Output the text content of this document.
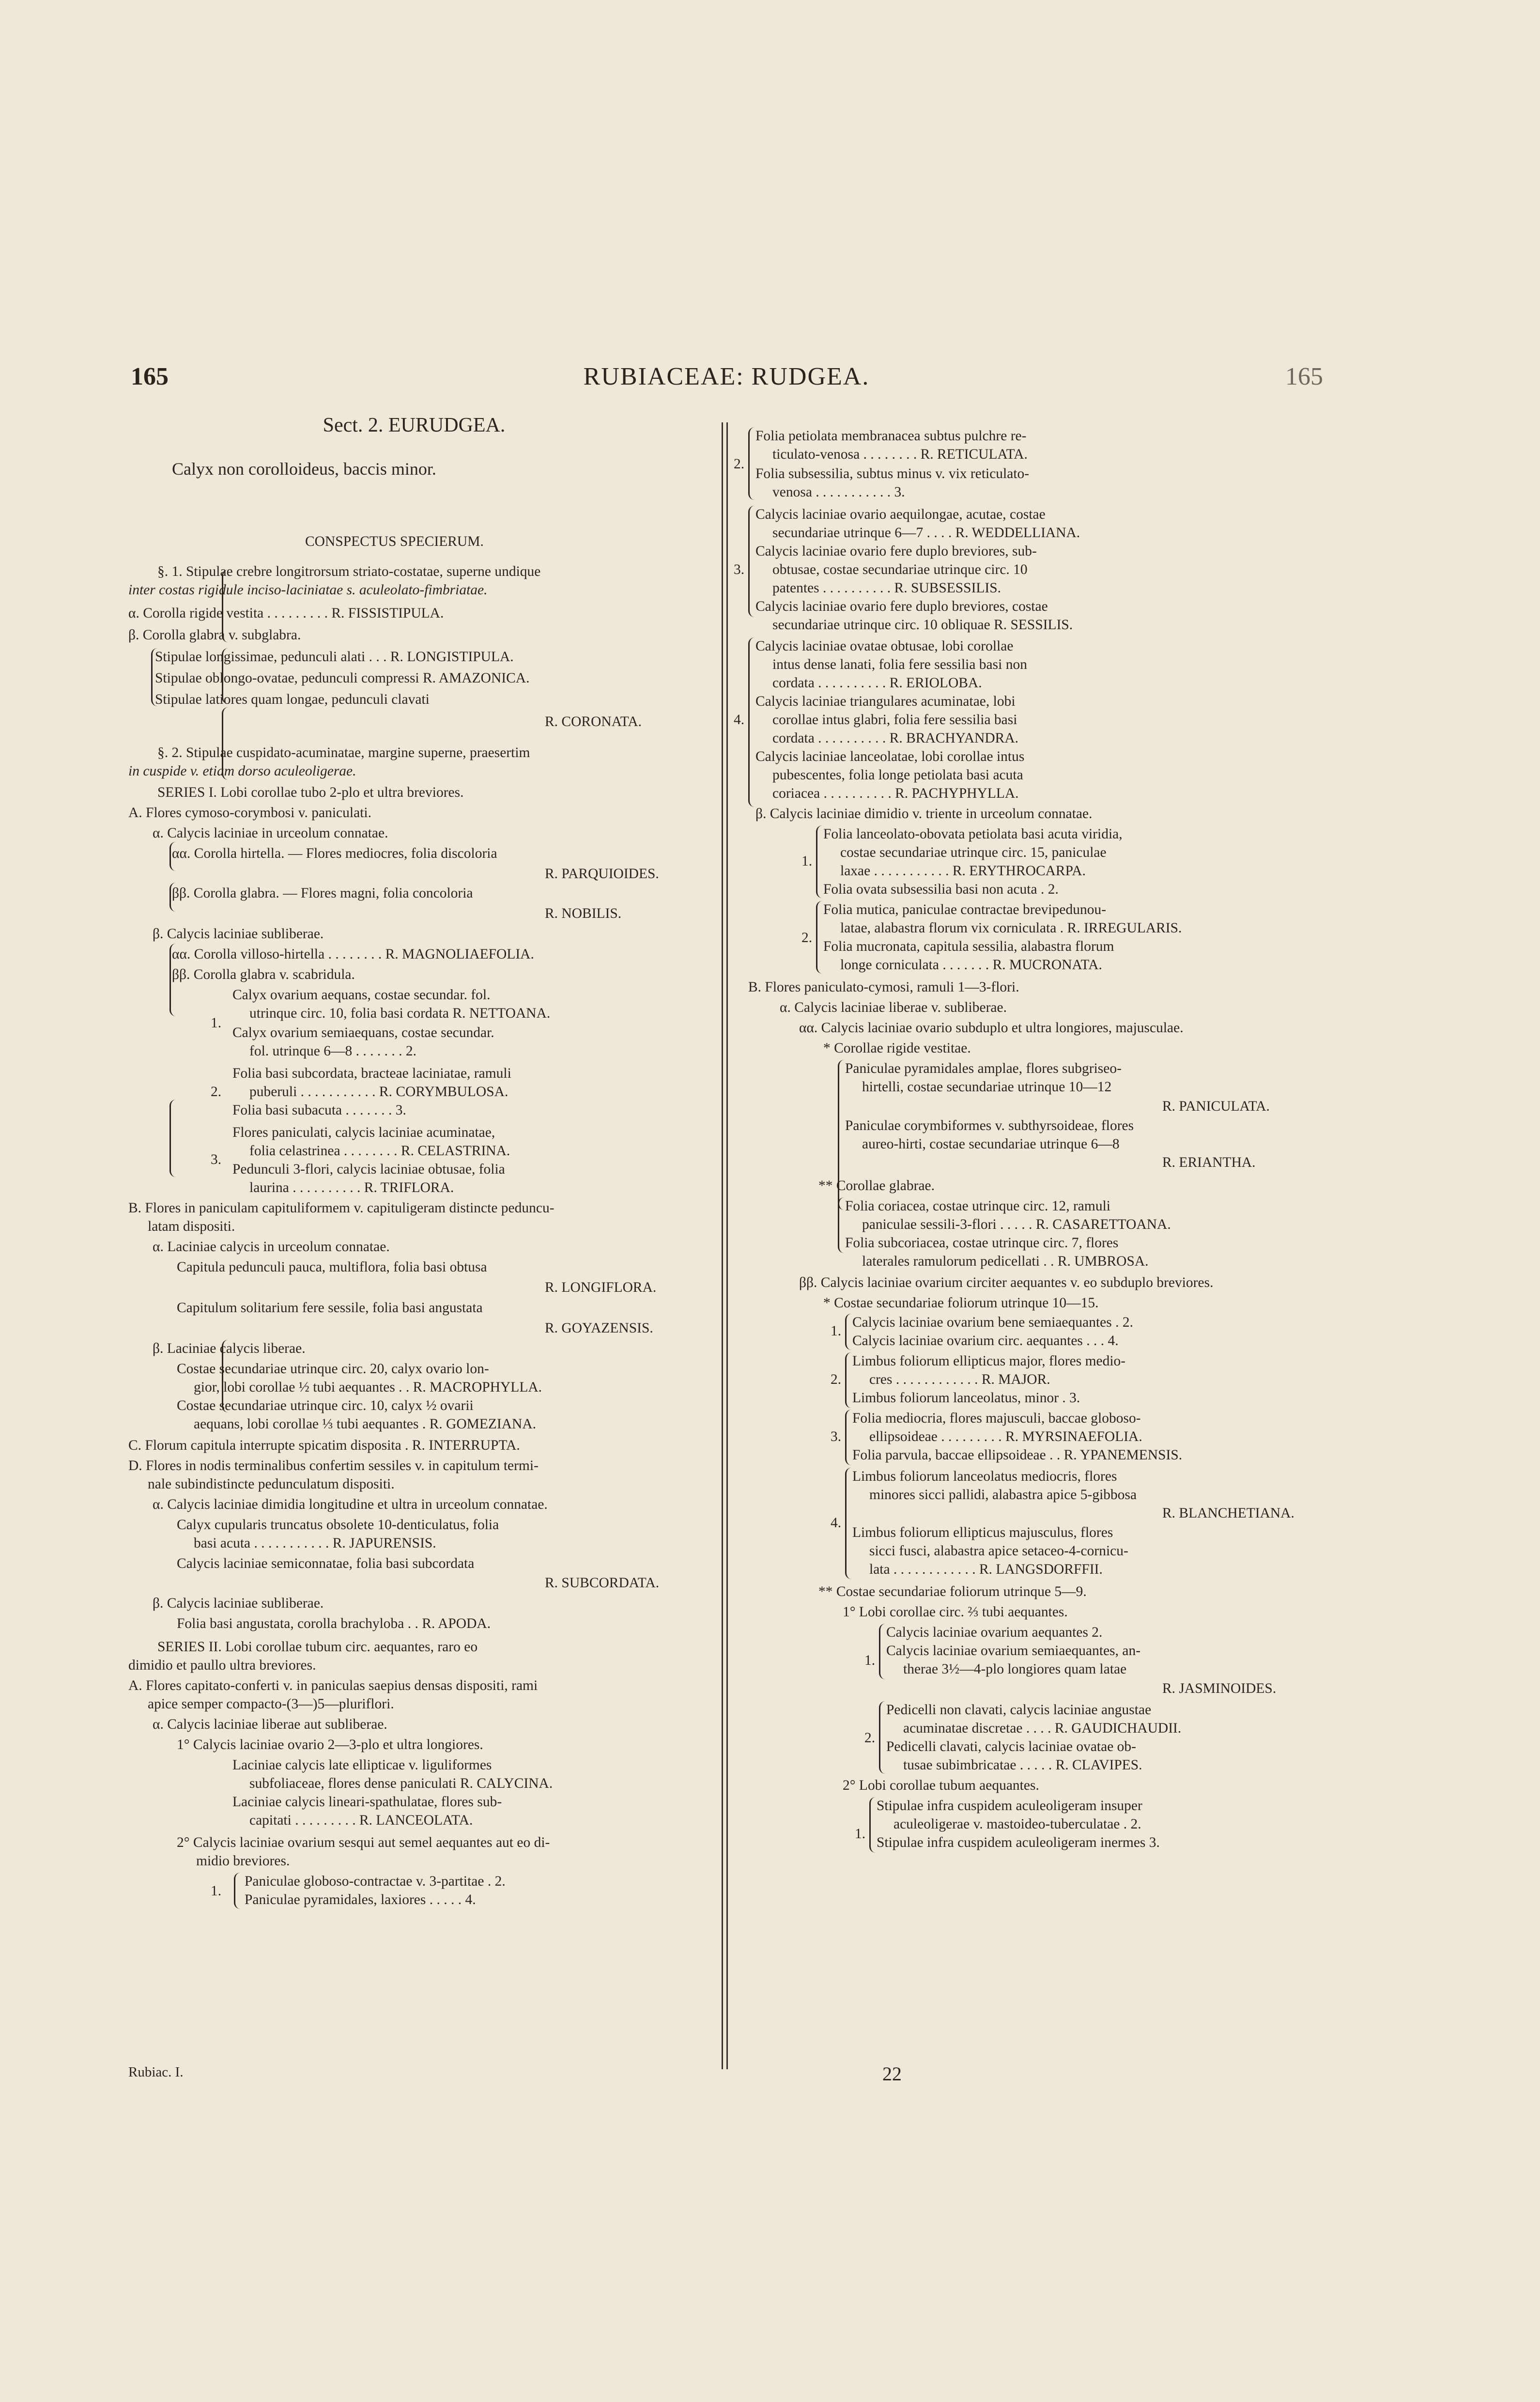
165	RUBIACEAE: RUDGEA.	165
Sect. 2. EURUDGEA.
Calyx non corolloideus, baccis minor.
CONSPECTUS SPECIERUM.
§. 1. Stipulae crebre longitrorsum striato-costatae, superne undique
inter costas rigidule inciso-laciniatae s. aculeolato-fimbriatae.
α. Corolla rigide vestita . . . . . . . . . R. FISSISTIPULA.
β. Corolla glabra v. subglabra.
Stipulae longissimae, pedunculi alati . . . R. LONGISTIPULA.
Stipulae oblongo-ovatae, pedunculi compressi R. AMAZONICA.
Stipulae latiores quam longae, pedunculi clavati
R. CORONATA.
§. 2. Stipulae cuspidato-acuminatae, margine superne, praesertim
in cuspide v. etiam dorso aculeoligerae.
SERIES I. Lobi corollae tubo 2-plo et ultra breviores.
A. Flores cymoso-corymbosi v. paniculati.
α. Calycis laciniae in urceolum connatae.
αα. Corolla hirtella. — Flores mediocres, folia discoloria
R. PARQUIOIDES.
ββ. Corolla glabra. — Flores magni, folia concoloria
R. NOBILIS.
β. Calycis laciniae subliberae.
αα. Corolla villoso-hirtella . . . . . . . . R. MAGNOLIAEFOLIA.
ββ. Corolla glabra v. scabridula.
Calyx ovarium aequans, costae secundar. fol.
utrinque circ. 10, folia basi cordata R. NETTOANA.
1.
Calyx ovarium semiaequans, costae secundar.
fol. utrinque 6—8 . . . . . . . 2.
Folia basi subcordata, bracteae laciniatae, ramuli
puberuli . . . . . . . . . . . R. CORYMBULOSA.
2.
Folia basi subacuta . . . . . . . 3.
Flores paniculati, calycis laciniae acuminatae,
folia celastrinea . . . . . . . . R. CELASTRINA.
3.
Pedunculi 3-flori, calycis laciniae obtusae, folia
laurina . . . . . . . . . . R. TRIFLORA.
B. Flores in paniculam capituliformem v. capituligeram distincte peduncu-
latam dispositi.
α. Laciniae calycis in urceolum connatae.
Capitula pedunculi pauca, multiflora, folia basi obtusa
R. LONGIFLORA.
Capitulum solitarium fere sessile, folia basi angustata
R. GOYAZENSIS.
β. Laciniae calycis liberae.
Costae secundariae utrinque circ. 20, calyx ovario lon-
gior, lobi corollae ½ tubi aequantes . . R. MACROPHYLLA.
Costae secundariae utrinque circ. 10, calyx ½ ovarii
aequans, lobi corollae ⅓ tubi aequantes . R. GOMEZIANA.
C. Florum capitula interrupte spicatim disposita . R. INTERRUPTA.
D. Flores in nodis terminalibus confertim sessiles v. in capitulum termi-
nale subindistincte pedunculatum dispositi.
α. Calycis laciniae dimidia longitudine et ultra in urceolum connatae.
Calyx cupularis truncatus obsolete 10-denticulatus, folia
basi acuta . . . . . . . . . . . R. JAPURENSIS.
Calycis laciniae semiconnatae, folia basi subcordata
R. SUBCORDATA.
β. Calycis laciniae subliberae.
Folia basi angustata, corolla brachyloba . . R. APODA.
SERIES II. Lobi corollae tubum circ. aequantes, raro eo
dimidio et paullo ultra breviores.
A. Flores capitato-conferti v. in paniculas saepius densas dispositi, rami
apice semper compacto-(3—)5—pluriflori.
α. Calycis laciniae liberae aut subliberae.
1° Calycis laciniae ovario 2—3-plo et ultra longiores.
Laciniae calycis late ellipticae v. liguliformes
subfoliaceae, flores dense paniculati R. CALYCINA.
Laciniae calycis lineari-spathulatae, flores sub-
capitati . . . . . . . . . R. LANCEOLATA.
2° Calycis laciniae ovarium sesqui aut semel aequantes aut eo di-
midio breviores.
Paniculae globoso-contractae v. 3-partitae . 2.
1.
Paniculae pyramidales, laxiores . . . . . 4.
Folia petiolata membranacea subtus pulchre re-
ticulato-venosa . . . . . . . . R. RETICULATA.
2.
Folia subsessilia, subtus minus v. vix reticulato-
venosa . . . . . . . . . . . 3.
Calycis laciniae ovario aequilongae, acutae, costae
secundariae utrinque 6—7 . . . . R. WEDDELLIANA.
Calycis laciniae ovario fere duplo breviores, sub-
obtusae, costae secundariae utrinque circ. 10
3.
patentes . . . . . . . . . . R. SUBSESSILIS.
Calycis laciniae ovario fere duplo breviores, costae
secundariae utrinque circ. 10 obliquae R. SESSILIS.
Calycis laciniae ovatae obtusae, lobi corollae
intus dense lanati, folia fere sessilia basi non
cordata . . . . . . . . . . R. ERIOLOBA.
Calycis laciniae triangulares acuminatae, lobi
corollae intus glabri, folia fere sessilia basi
4.
cordata . . . . . . . . . . R. BRACHYANDRA.
Calycis laciniae lanceolatae, lobi corollae intus
pubescentes, folia longe petiolata basi acuta
coriacea . . . . . . . . . . R. PACHYPHYLLA.
β. Calycis laciniae dimidio v. triente in urceolum connatae.
Folia lanceolato-obovata petiolata basi acuta viridia,
costae secundariae utrinque circ. 15, paniculae
1.
laxae . . . . . . . . . . . R. ERYTHROCARPA.
Folia ovata subsessilia basi non acuta . 2.
Folia mutica, paniculae contractae brevipedunou-
latae, alabastra florum vix corniculata . R. IRREGULARIS.
2.
Folia mucronata, capitula sessilia, alabastra florum
longe corniculata . . . . . . . R. MUCRONATA.
B. Flores paniculato-cymosi, ramuli 1—3-flori.
α. Calycis laciniae liberae v. subliberae.
αα. Calycis laciniae ovario subduplo et ultra longiores, majusculae.
* Corollae rigide vestitae.
Paniculae pyramidales amplae, flores subgriseo-
hirtelli, costae secundariae utrinque 10—12
R. PANICULATA.
Paniculae corymbiformes v. subthyrsoideae, flores
aureo-hirti, costae secundariae utrinque 6—8
R. ERIANTHA.
** Corollae glabrae.
Folia coriacea, costae utrinque circ. 12, ramuli
paniculae sessili-3-flori . . . . . R. CASARETTOANA.
Folia subcoriacea, costae utrinque circ. 7, flores
laterales ramulorum pedicellati . . R. UMBROSA.
ββ. Calycis laciniae ovarium circiter aequantes v. eo subduplo breviores.
* Costae secundariae foliorum utrinque 10—15.
Calycis laciniae ovarium bene semiaequantes . 2.
1.
Calycis laciniae ovarium circ. aequantes . . . 4.
Limbus foliorum ellipticus major, flores medio-
cres . . . . . . . . . . . . R. MAJOR.
2.
Limbus foliorum lanceolatus, minor . 3.
Folia mediocria, flores majusculi, baccae globoso-
ellipsoideae . . . . . . . . . R. MYRSINAEFOLIA.
3.
Folia parvula, baccae ellipsoideae . . R. YPANEMENSIS.
Limbus foliorum lanceolatus mediocris, flores
minores sicci pallidi, alabastra apice 5-gibbosa
R. BLANCHETIANA.
4.
Limbus foliorum ellipticus majusculus, flores
sicci fusci, alabastra apice setaceo-4-cornicu-
lata . . . . . . . . . . . . R. LANGSDORFFII.
** Costae secundariae foliorum utrinque 5—9.
1° Lobi corollae circ. ⅔ tubi aequantes.
Calycis laciniae ovarium aequantes 2.
Calycis laciniae ovarium semiaequantes, an-
1.
therae 3½—4-plo longiores quam latae
R. JASMINOIDES.
Pedicelli non clavati, calycis laciniae angustae
acuminatae discretae . . . . R. GAUDICHAUDII.
2.
Pedicelli clavati, calycis laciniae ovatae ob-
tusae subimbricatae . . . . . R. CLAVIPES.
2° Lobi corollae tubum aequantes.
Stipulae infra cuspidem aculeoligeram insuper
aculeoligerae v. mastoideo-tuberculatae . 2.
1.
Stipulae infra cuspidem aculeoligeram inermes 3.
Rubiac. I.	22
